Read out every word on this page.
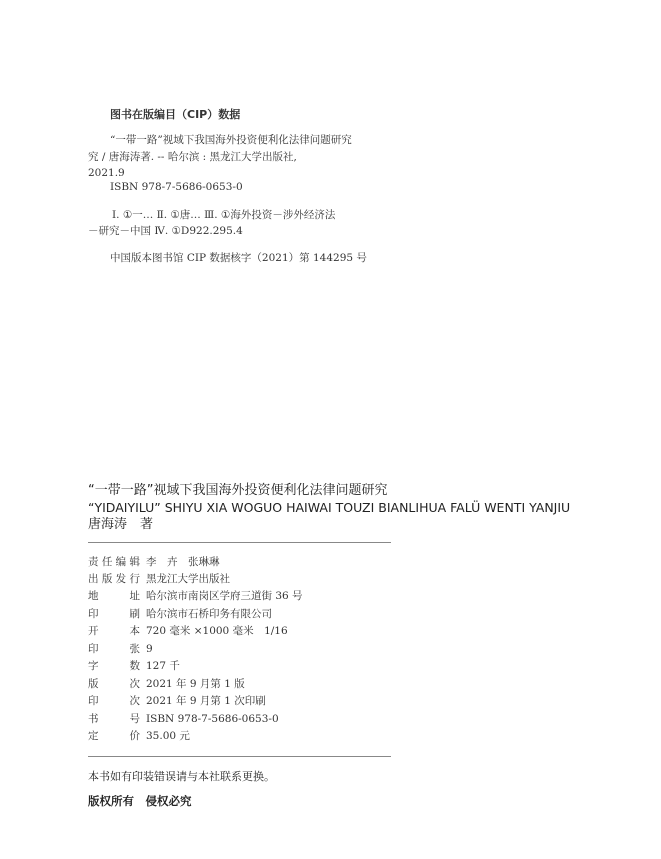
图书在版编目（CIP）数据
“一带一路”视域下我国海外投资便利化法律问题研究
究 / 唐海涛著. -- 哈尔滨 : 黑龙江大学出版社,
2021.9
ISBN 978-7-5686-0653-0
Ⅰ. ①一… Ⅱ. ①唐… Ⅲ. ①海外投资－涉外经济法
－研究－中国 Ⅳ. ①D922.295.4
中国版本图书馆 CIP 数据核字（2021）第 144295 号
“一带一路”视域下我国海外投资便利化法律问题研究
“YIDAIYILU” SHIYU XIA WOGUO HAIWAI TOUZI BIANLIHUA FALÜ WENTI YANJIU
唐海涛　著
责任编辑 李　卉　张琳琳
出版发行 黑龙江大学出版社
地址 哈尔滨市南岗区学府三道街 36 号
印刷 哈尔滨市石桥印务有限公司
开本 720 毫米 ×1000 毫米　1/16
印张 9
字数 127 千
版次 2021 年 9 月第 1 版
印次 2021 年 9 月第 1 次印刷
书号 ISBN 978-7-5686-0653-0
定价 35.00 元
本书如有印装错误请与本社联系更换。
版权所有　侵权必究
